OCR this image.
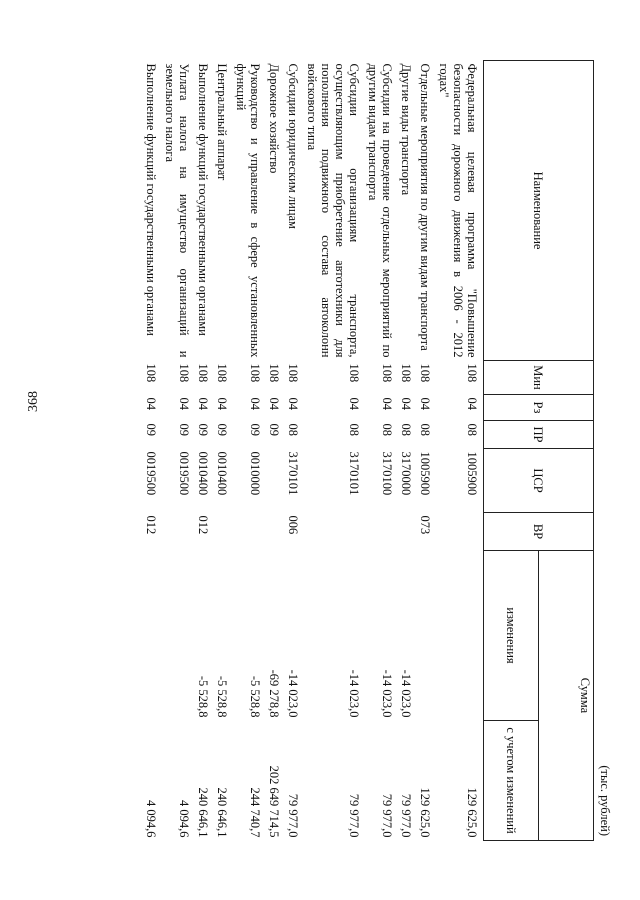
368
(тыс. рублей)
Наименование	Мин	Рз	ПР	ЦСР	ВР	Сумма	
						изменения	с учетом изменений
Федеральная целевая программа "Повышение безопасности дорожного движения в 2006 - 2012 годах"	108	04	08	1005900			129 625,0
Отдельные мероприятия по другим видам транспорта	108	04	08	1005900	073		129 625,0
Другие виды транспорта	108	04	08	3170000		-14 023,0	79 977,0
Субсидии на проведение отдельных мероприятий по другим видам транспорта	108	04	08	3170100		-14 023,0	79 977,0
Субсидии организациям транспорта, осуществляющим приобретение автотехники для пополнения подвижного состава автоколонн войскового типа	108	04	08	3170101		-14 023,0	79 977,0
Субсидии юридическим лицам	108	04	08	3170101	006	-14 023,0	79 977,0
Дорожное хозяйство	108	04	09			-69 278,8	202 649 714,5
Руководство и управление в сфере установленных функций	108	04	09	0010000		-5 528,8	244 740,7
Центральный аппарат	108	04	09	0010400		-5 528,8	240 646,1
Выполнение функций государственными органами	108	04	09	0010400	012	-5 528,8	240 646,1
Уплата налога на имущество организаций и земельного налога	108	04	09	0019500			4 094,6
Выполнение функций государственными органами	108	04	09	0019500	012		4 094,6
